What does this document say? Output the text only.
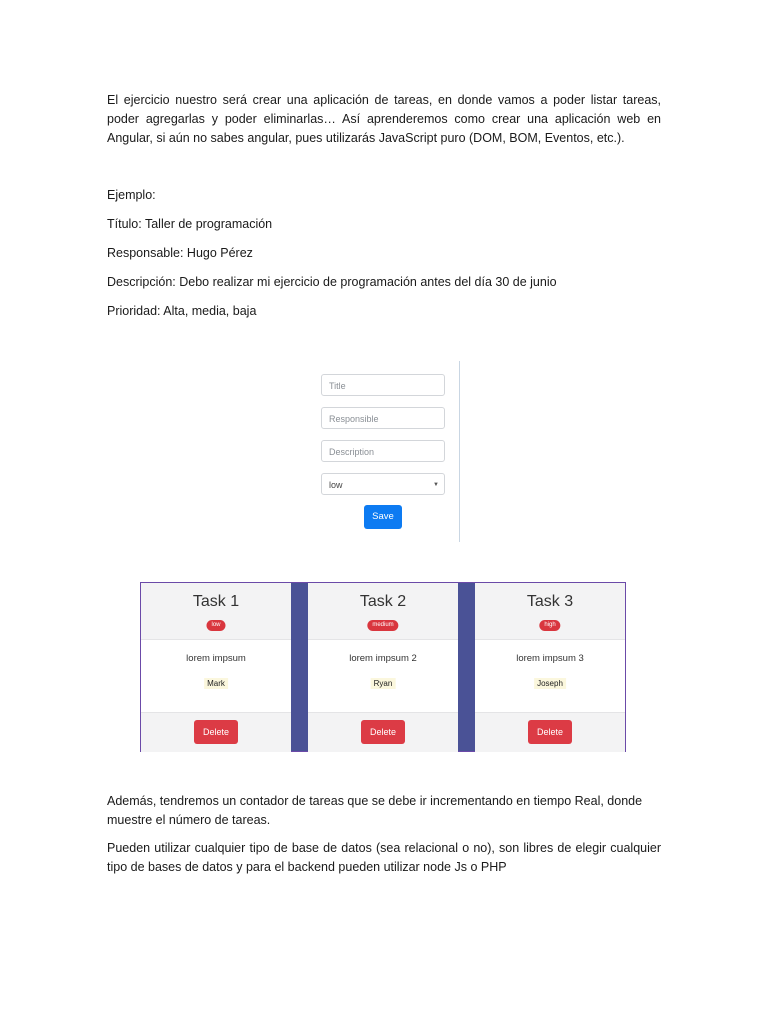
El ejercicio nuestro será crear una aplicación de tareas, en donde vamos a poder listar tareas, poder agregarlas y poder eliminarlas… Así aprenderemos como crear una aplicación web en Angular, si aún no sabes angular, pues utilizarás JavaScript puro (DOM, BOM, Eventos, etc.).

Ejemplo:

Título: Taller de programación

Responsable: Hugo Pérez

Descripción: Debo realizar mi ejercicio de programación antes del día 30 de junio

Prioridad: Alta, media, baja

Title
Responsible
Description
low	▼
Save
Task 1
low
lorem impsum
Mark
Delete
Task 2
medium
lorem impsum 2
Ryan
Delete
Task 3
high
lorem impsum 3
Joseph
Delete

Además, tendremos un contador de tareas que se debe ir incrementando en tiempo Real, donde muestre el número de tareas.

Pueden utilizar cualquier tipo de base de datos (sea relacional o no), son libres de elegir cualquier tipo de bases de datos y para el backend pueden utilizar node Js o PHP
